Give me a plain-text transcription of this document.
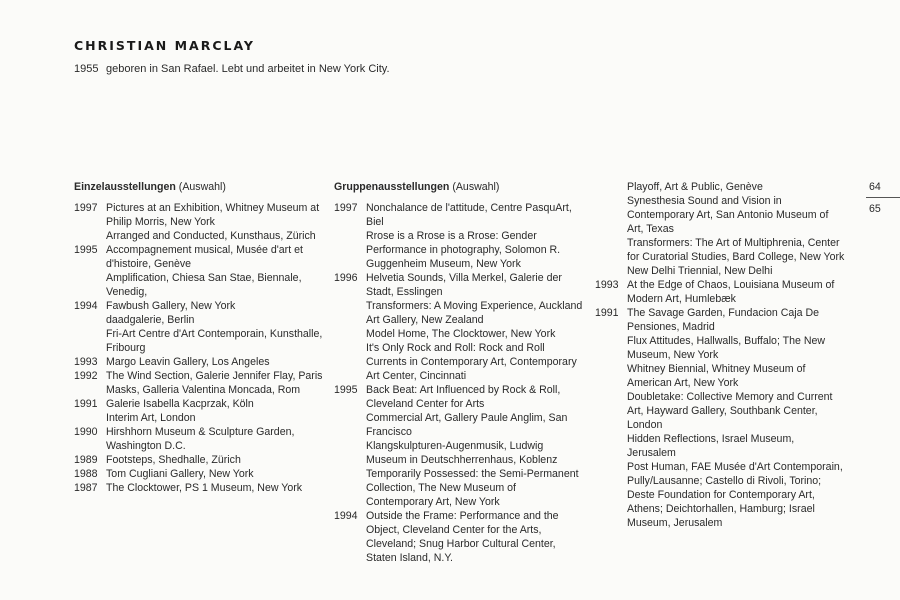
CHRISTIAN MARCLAY
1955 geboren in San Rafael. Lebt und arbeitet in New York City.
Einzelausstellungen (Auswahl)
1997 Pictures at an Exhibition, Whitney Museum at Philip Morris, New York
Arranged and Conducted, Kunsthaus, Zürich
1995 Accompagnement musical, Musée d'art et d'histoire, Genève
Amplification, Chiesa San Stae, Biennale, Venedig,
1994 Fawbush Gallery, New York
daadgalerie, Berlin
Fri-Art Centre d'Art Contemporain, Kunsthalle, Fribourg
1993 Margo Leavin Gallery, Los Angeles
1992 The Wind Section, Galerie Jennifer Flay, Paris
Masks, Galleria Valentina Moncada, Rom
1991 Galerie Isabella Kacprzak, Köln
Interim Art, London
1990 Hirshhorn Museum & Sculpture Garden, Washington D.C.
1989 Footsteps, Shedhalle, Zürich
1988 Tom Cugliani Gallery, New York
1987 The Clocktower, PS 1 Museum, New York
Gruppenausstellungen (Auswahl)
1997 Nonchalance de l'attitude, Centre PasquArt, Biel
Rrose is a Rrose is a Rrose: Gender Performance in photography, Solomon R. Guggenheim Museum, New York
1996 Helvetia Sounds, Villa Merkel, Galerie der Stadt, Esslingen
Transformers: A Moving Experience, Auckland Art Gallery, New Zealand
Model Home, The Clocktower, New York
It's Only Rock and Roll: Rock and Roll Currents in Contemporary Art, Contemporary Art Center, Cincinnati
1995 Back Beat: Art Influenced by Rock & Roll, Cleveland Center for Arts
Commercial Art, Gallery Paule Anglim, San Francisco
Klangskulpturen-Augenmusik, Ludwig Museum in Deutschherrenhaus, Koblenz
Temporarily Possessed: the Semi-Permanent Collection, The New Museum of Contemporary Art, New York
1994 Outside the Frame: Performance and the Object, Cleveland Center for the Arts, Cleveland; Snug Harbor Cultural Center, Staten Island, N.Y.
Playoff, Art & Public, Genève
Synesthesia Sound and Vision in Contemporary Art, San Antonio Museum of Art, Texas
Transformers: The Art of Multiphrenia, Center for Curatorial Studies, Bard College, New York
New Delhi Triennial, New Delhi
1993 At the Edge of Chaos, Louisiana Museum of Modern Art, Humlebæk
1991 The Savage Garden, Fundacion Caja De Pensiones, Madrid
Flux Attitudes, Hallwalls, Buffalo; The New Museum, New York
Whitney Biennial, Whitney Museum of American Art, New York
Doubletake: Collective Memory and Current Art, Hayward Gallery, Southbank Center, London
Hidden Reflections, Israel Museum, Jerusalem
Post Human, FAE Musée d'Art Contemporain, Pully/Lausanne; Castello di Rivoli, Torino; Deste Foundation for Contemporary Art, Athens; Deichtorhallen, Hamburg; Israel Museum, Jerusalem
64
65
